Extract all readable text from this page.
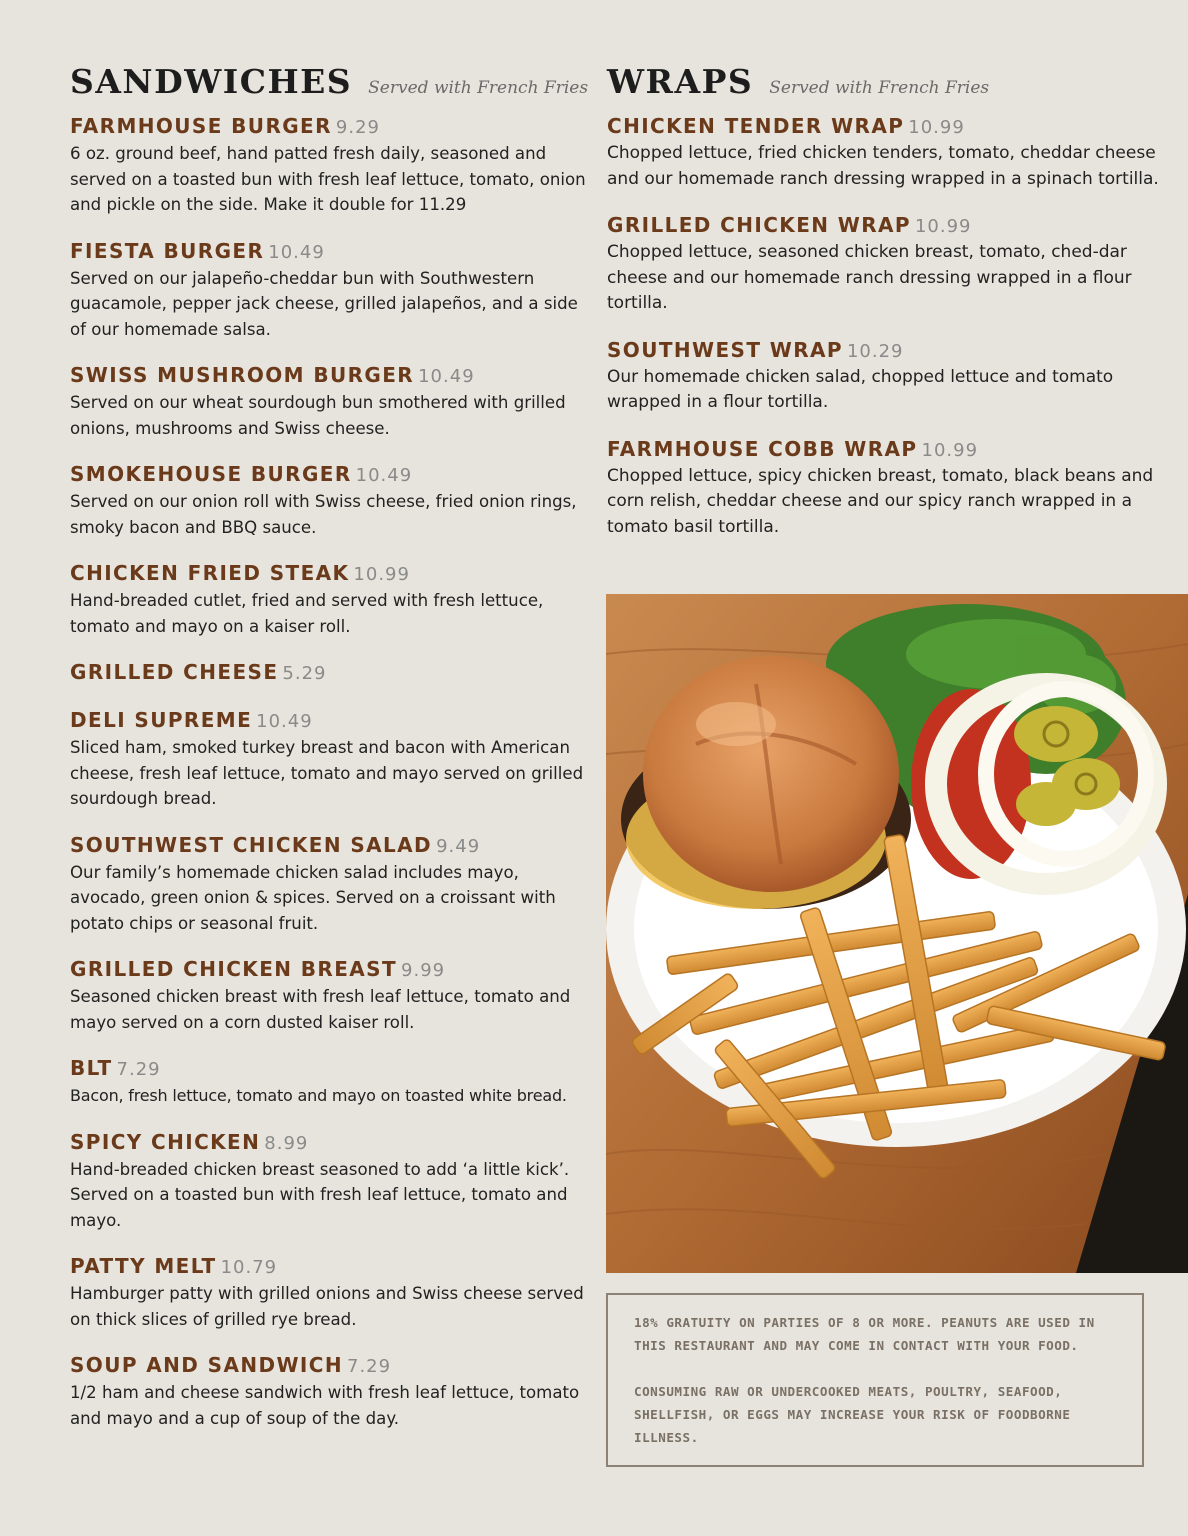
SANDWICHES Served with French Fries
FARMHOUSE BURGER 9.29

6 oz. ground beef, hand patted fresh daily, seasoned and served on a toasted bun with fresh leaf lettuce, tomato, onion and pickle on the side. Make it double for 11.29

FIESTA BURGER 10.49

Served on our jalapeño-cheddar bun with Southwestern guacamole, pepper jack cheese, grilled jalapeños, and a side of our homemade salsa.

SWISS MUSHROOM BURGER 10.49

Served on our wheat sourdough bun smothered with grilled onions, mushrooms and Swiss cheese.

SMOKEHOUSE BURGER 10.49

Served on our onion roll with Swiss cheese, fried onion rings, smoky bacon and BBQ sauce.

CHICKEN FRIED STEAK 10.99

Hand-breaded cutlet, fried and served with fresh lettuce, tomato and mayo on a kaiser roll.

GRILLED CHEESE 5.29
DELI SUPREME 10.49

Sliced ham, smoked turkey breast and bacon with American cheese, fresh leaf lettuce, tomato and mayo served on grilled sourdough bread.

SOUTHWEST CHICKEN SALAD 9.49

Our family’s homemade chicken salad includes mayo, avocado, green onion & spices. Served on a croissant with potato chips or seasonal fruit.

GRILLED CHICKEN BREAST 9.99

Seasoned chicken breast with fresh leaf lettuce, tomato and mayo served on a corn dusted kaiser roll.

BLT 7.29

Bacon, fresh lettuce, tomato and mayo on toasted white bread.

SPICY CHICKEN 8.99

Hand-breaded chicken breast seasoned to add ‘a little kick’. Served on a toasted bun with fresh leaf lettuce, tomato and mayo.

PATTY MELT 10.79

Hamburger patty with grilled onions and Swiss cheese served on thick slices of grilled rye bread.

SOUP AND SANDWICH 7.29

1/2 ham and cheese sandwich with fresh leaf lettuce, tomato and mayo and a cup of soup of the day.

WRAPS Served with French Fries
CHICKEN TENDER WRAP 10.99

Chopped lettuce, fried chicken tenders, tomato, cheddar cheese and our homemade ranch dressing wrapped in a spinach tortilla.

GRILLED CHICKEN WRAP 10.99

Chopped lettuce, seasoned chicken breast, tomato, ched-dar cheese and our homemade ranch dressing wrapped in a flour tortilla.

SOUTHWEST WRAP 10.29

Our homemade chicken salad, chopped lettuce and tomato wrapped in a flour tortilla.

FARMHOUSE COBB WRAP 10.99

Chopped lettuce, spicy chicken breast, tomato, black beans and corn relish, cheddar cheese and our spicy ranch wrapped in a tomato basil tortilla.

18% GRATUITY ON PARTIES OF 8 OR MORE. PEANUTS ARE USED IN THIS RESTAURANT AND MAY COME IN CONTACT WITH YOUR FOOD.

CONSUMING RAW OR UNDERCOOKED MEATS, POULTRY, SEAFOOD, SHELLFISH, OR EGGS MAY INCREASE YOUR RISK OF FOODBORNE ILLNESS.
